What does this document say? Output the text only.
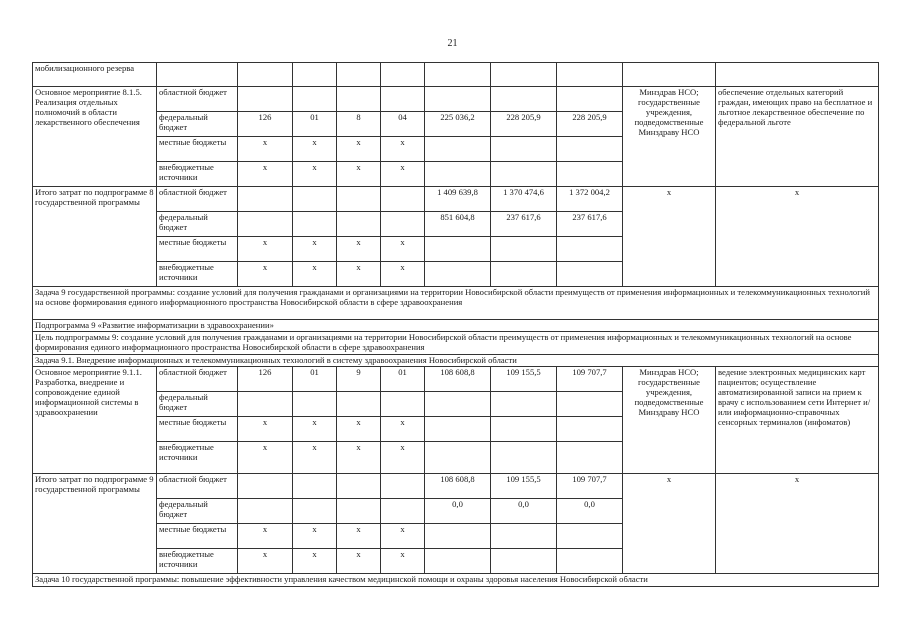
21
мобилизационного резерва										
Основное мероприятие 8.1.5. Реализация отдельных полномочий в области лекарственного обеспечения	областной бюджет								Минздрав НСО; государственные учреждения, подведомственные Минздраву НСО	обеспечение отдельных категорий граждан, имеющих право на бесплатное и льготное лекарственное обеспечение по федеральной льготе
	федеральный бюджет	126	01	8	04	225 036,2	228 205,9	228 205,9		
	местные бюджеты	x	x	x	x					
	внебюджетные источники	x	x	x	x					
Итого затрат по подпрограмме 8 государственной программы	областной бюджет					1 409 639,8	1 370 474,6	1 372 004,2	x	x
	федеральный бюджет					851 604,8	237 617,6	237 617,6		
	местные бюджеты	x	x	x	x					
	внебюджетные источники	x	x	x	x					
Задача 9 государственной программы: создание условий для получения гражданами и организациями на территории Новосибирской области преимуществ от применения информационных и телекоммуникационных технологий на основе формирования единого информационного пространства Новосибирской области в сфере здравоохранения										
Подпрограмма 9 «Развитие информатизации в здравоохранении»										
Цель подпрограммы 9: создание условий для получения гражданами и организациями на территории Новосибирской области преимуществ от применения информационных и телекоммуникационных технологий на основе формирования единого информационного пространства Новосибирской области в сфере здравоохранения										
Задача 9.1. Внедрение информационных и телекоммуникационных технологий в систему здравоохранения Новосибирской области										
Основное мероприятие 9.1.1. Разработка, внедрение и сопровождение единой информационной системы в здравоохранении	областной бюджет	126	01	9	01	108 608,8	109 155,5	109 707,7	Минздрав НСО; государственные учреждения, подведомственные Минздраву НСО	ведение электронных медицинских карт пациентов; осуществление автоматизированной записи на прием к врачу с использованием сети Интернет и/или информационно-справочных сенсорных терминалов (инфоматов)
	федеральный бюджет									
	местные бюджеты	x	x	x	x					
	внебюджетные источники	x	x	x	x					
Итого затрат по подпрограмме 9 государственной программы	областной бюджет					108 608,8	109 155,5	109 707,7	x	x
	федеральный бюджет					0,0	0,0	0,0		
	местные бюджеты	x	x	x	x					
	внебюджетные источники	x	x	x	x					
Задача 10 государственной программы: повышение эффективности управления качеством медицинской помощи и охраны здоровья населения Новосибирской области										
